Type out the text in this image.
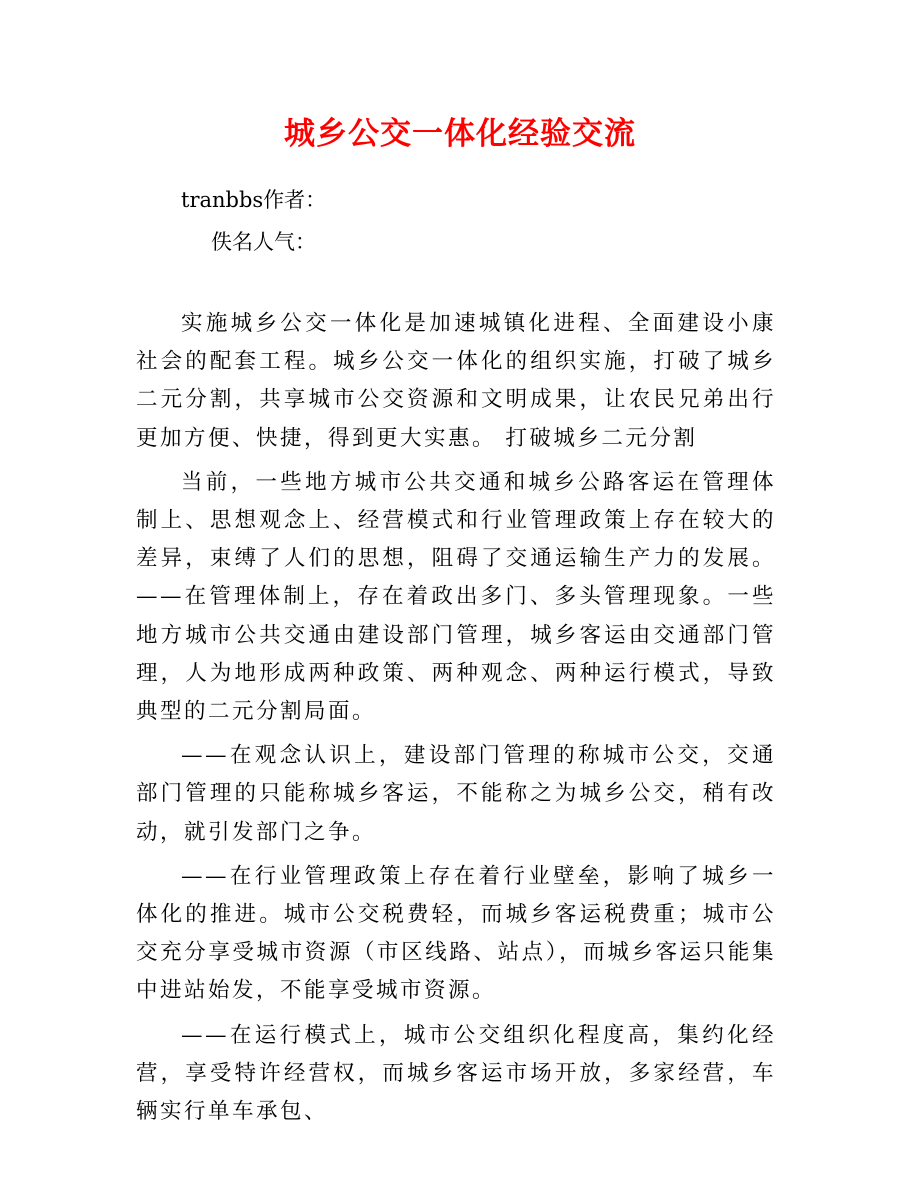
城乡公交一体化经验交流
tranbbs作者：
佚名人气：

实施城乡公交一体化是加速城镇化进程、全面建设小康社会的配套工程。城乡公交一体化的组织实施，打破了城乡二元分割，共享城市公交资源和文明成果，让农民兄弟出行更加方便、快捷，得到更大实惠。 打破城乡二元分割

当前，一些地方城市公共交通和城乡公路客运在管理体制上、思想观念上、经营模式和行业管理政策上存在较大的差异，束缚了人们的思想，阻碍了交通运输生产力的发展。——在管理体制上，存在着政出多门、多头管理现象。一些地方城市公共交通由建设部门管理，城乡客运由交通部门管理，人为地形成两种政策、两种观念、两种运行模式，导致典型的二元分割局面。

——在观念认识上，建设部门管理的称城市公交，交通部门管理的只能称城乡客运，不能称之为城乡公交，稍有改动，就引发部门之争。

——在行业管理政策上存在着行业壁垒，影响了城乡一体化的推进。城市公交税费轻，而城乡客运税费重；城市公交充分享受城市资源（市区线路、站点），而城乡客运只能集中进站始发，不能享受城市资源。

——在运行模式上，城市公交组织化程度高，集约化经营，享受特许经营权，而城乡客运市场开放，多家经营，车辆实行单车承包、
